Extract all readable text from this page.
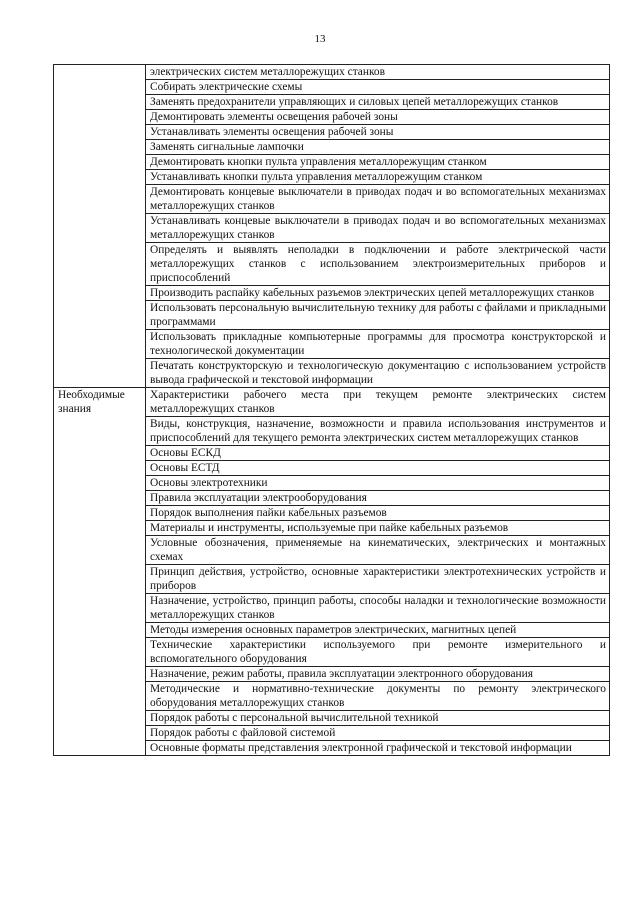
13
	электрических систем металлорежущих станков
	Собирать электрические схемы
	Заменять предохранители управляющих и силовых цепей металлорежущих станков
	Демонтировать элементы освещения рабочей зоны
	Устанавливать элементы освещения рабочей зоны
	Заменять сигнальные лампочки
	Демонтировать кнопки пульта управления металлорежущим станком
	Устанавливать кнопки пульта управления металлорежущим станком
	Демонтировать концевые выключатели в приводах подач и во вспомогательных механизмах металлорежущих станков
	Устанавливать концевые выключатели в приводах подач и во вспомогательных механизмах металлорежущих станков
	Определять и выявлять неполадки в подключении и работе электрической части металлорежущих станков с использованием электроизмерительных приборов и приспособлений
	Производить распайку кабельных разъемов электрических цепей металлорежущих станков
	Использовать персональную вычислительную технику для работы с файлами и прикладными программами
	Использовать прикладные компьютерные программы для просмотра конструкторской и технологической документации
	Печатать конструкторскую и технологическую документацию с использованием устройств вывода графической и текстовой информации
Необходимые знания	Характеристики рабочего места при текущем ремонте электрических систем металлорежущих станков
	Виды, конструкция, назначение, возможности и правила использования инструментов и приспособлений для текущего ремонта электрических систем металлорежущих станков
	Основы ЕСКД
	Основы ЕСТД
	Основы электротехники
	Правила эксплуатации электрооборудования
	Порядок выполнения пайки кабельных разъемов
	Материалы и инструменты, используемые при пайке кабельных разъемов
	Условные обозначения, применяемые на кинематических, электрических и монтажных схемах
	Принцип действия, устройство, основные характеристики электротехнических устройств и приборов
	Назначение, устройство, принцип работы, способы наладки и технологические возможности металлорежущих станков
	Методы измерения основных параметров электрических, магнитных цепей
	Технические характеристики используемого при ремонте измерительного и вспомогательного оборудования
	Назначение, режим работы, правила эксплуатации электронного оборудования
	Методические и нормативно-технические документы по ремонту электрического оборудования металлорежущих станков
	Порядок работы с персональной вычислительной техникой
	Порядок работы с файловой системой
	Основные форматы представления электронной графической и текстовой информации
